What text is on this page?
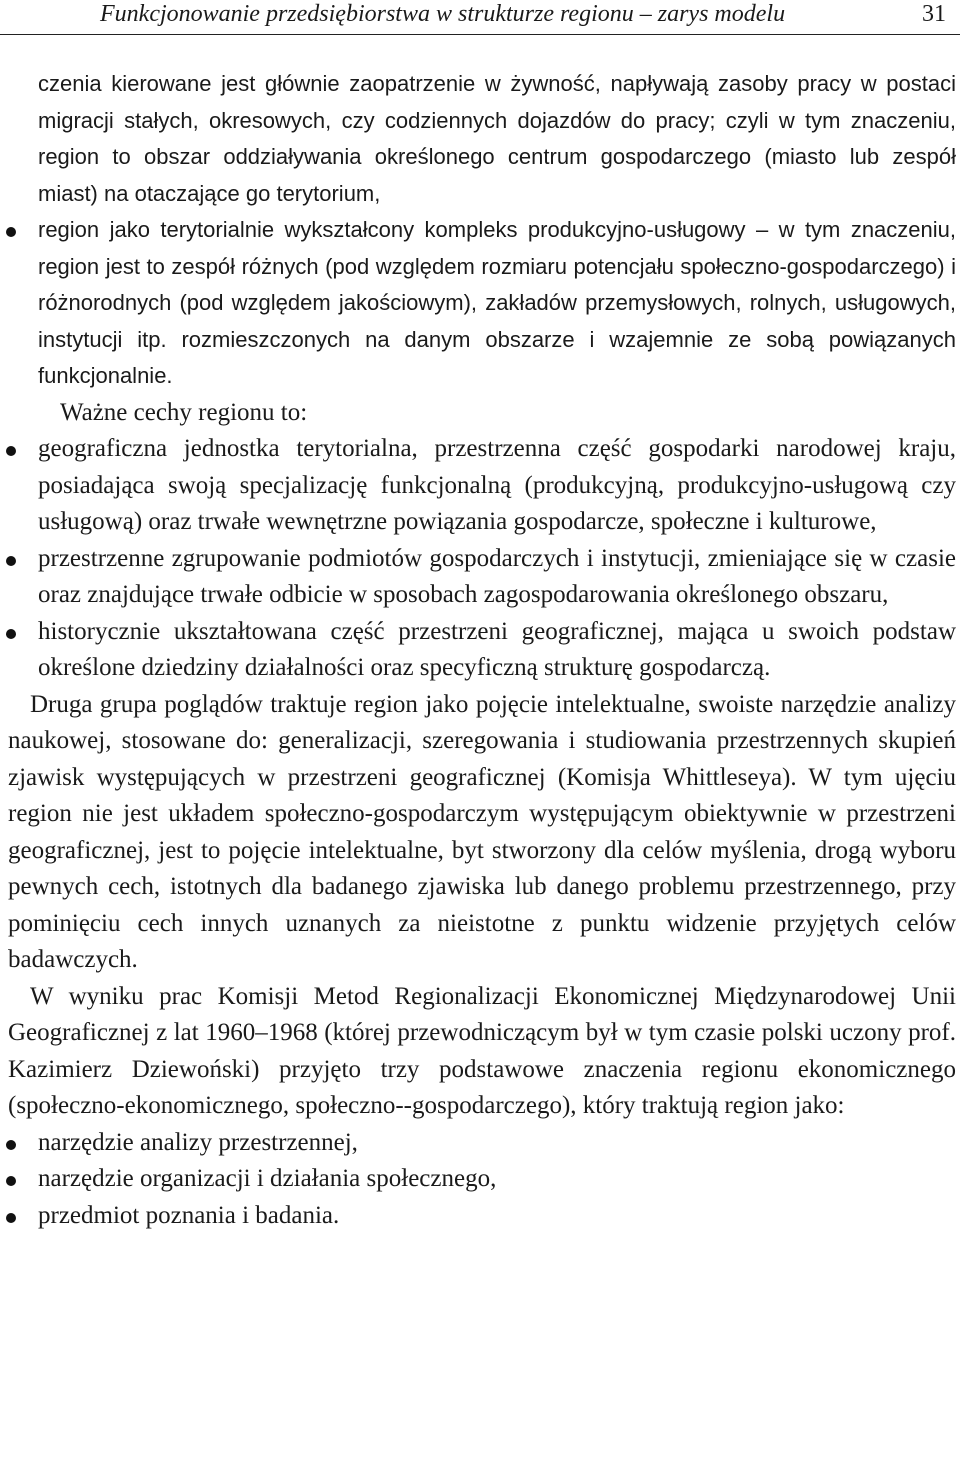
Funkcjonowanie przedsiębiorstwa w strukturze regionu – zarys modelu	31

czenia kierowane jest głównie zaopatrzenie w żywność, napływają zasoby pracy w postaci migracji stałych, okresowych, czy codziennych dojazdów do pracy; czyli w tym znaczeniu, region to obszar oddziaływania określonego centrum gospodarczego (miasto lub zespół miast) na otaczające go terytorium,

region jako terytorialnie wykształcony kompleks produkcyjno-usługowy – w tym znaczeniu, region jest to zespół różnych (pod względem rozmiaru potencjału społeczno-gospodarczego) i różnorodnych (pod względem jakościowym), zakładów przemysłowych, rolnych, usługowych, instytucji itp. rozmieszczonych na danym obszarze i wzajemnie ze sobą powiązanych funkcjonalnie.

Ważne cechy regionu to:

geograficzna jednostka terytorialna, przestrzenna część gospodarki narodowej kraju, posiadająca swoją specjalizację funkcjonalną (produkcyjną, produkcyjno-usługową czy usługową) oraz trwałe wewnętrzne powiązania gospodarcze, społeczne i kulturowe,

przestrzenne zgrupowanie podmiotów gospodarczych i instytucji, zmieniające się w czasie oraz znajdujące trwałe odbicie w sposobach zagospodarowania określonego obszaru,

historycznie ukształtowana część przestrzeni geograficznej, mająca u swoich podstaw określone dziedziny działalności oraz specyficzną strukturę gospodarczą.

Druga grupa poglądów traktuje region jako pojęcie intelektualne, swoiste narzędzie analizy naukowej, stosowane do: generalizacji, szeregowania i studiowania przestrzennych skupień zjawisk występujących w przestrzeni geograficznej (Komisja Whittleseya). W tym ujęciu region nie jest układem społeczno-gospodarczym występującym obiektywnie w przestrzeni geograficznej, jest to pojęcie intelektualne, byt stworzony dla celów myślenia, drogą wyboru pewnych cech, istotnych dla badanego zjawiska lub danego problemu przestrzennego, przy pominięciu cech innych uznanych za nieistotne z punktu widzenie przyjętych celów badawczych.

W wyniku prac Komisji Metod Regionalizacji Ekonomicznej Międzynarodowej Unii Geograficznej z lat 1960–1968 (której przewodniczącym był w tym czasie polski uczony prof. Kazimierz Dziewoński) przyjęto trzy podstawowe znaczenia regionu ekonomicznego (społeczno-ekonomicznego, społeczno--gospodarczego), który traktują region jako:

narzędzie analizy przestrzennej,

narzędzie organizacji i działania społecznego,

przedmiot poznania i badania.
